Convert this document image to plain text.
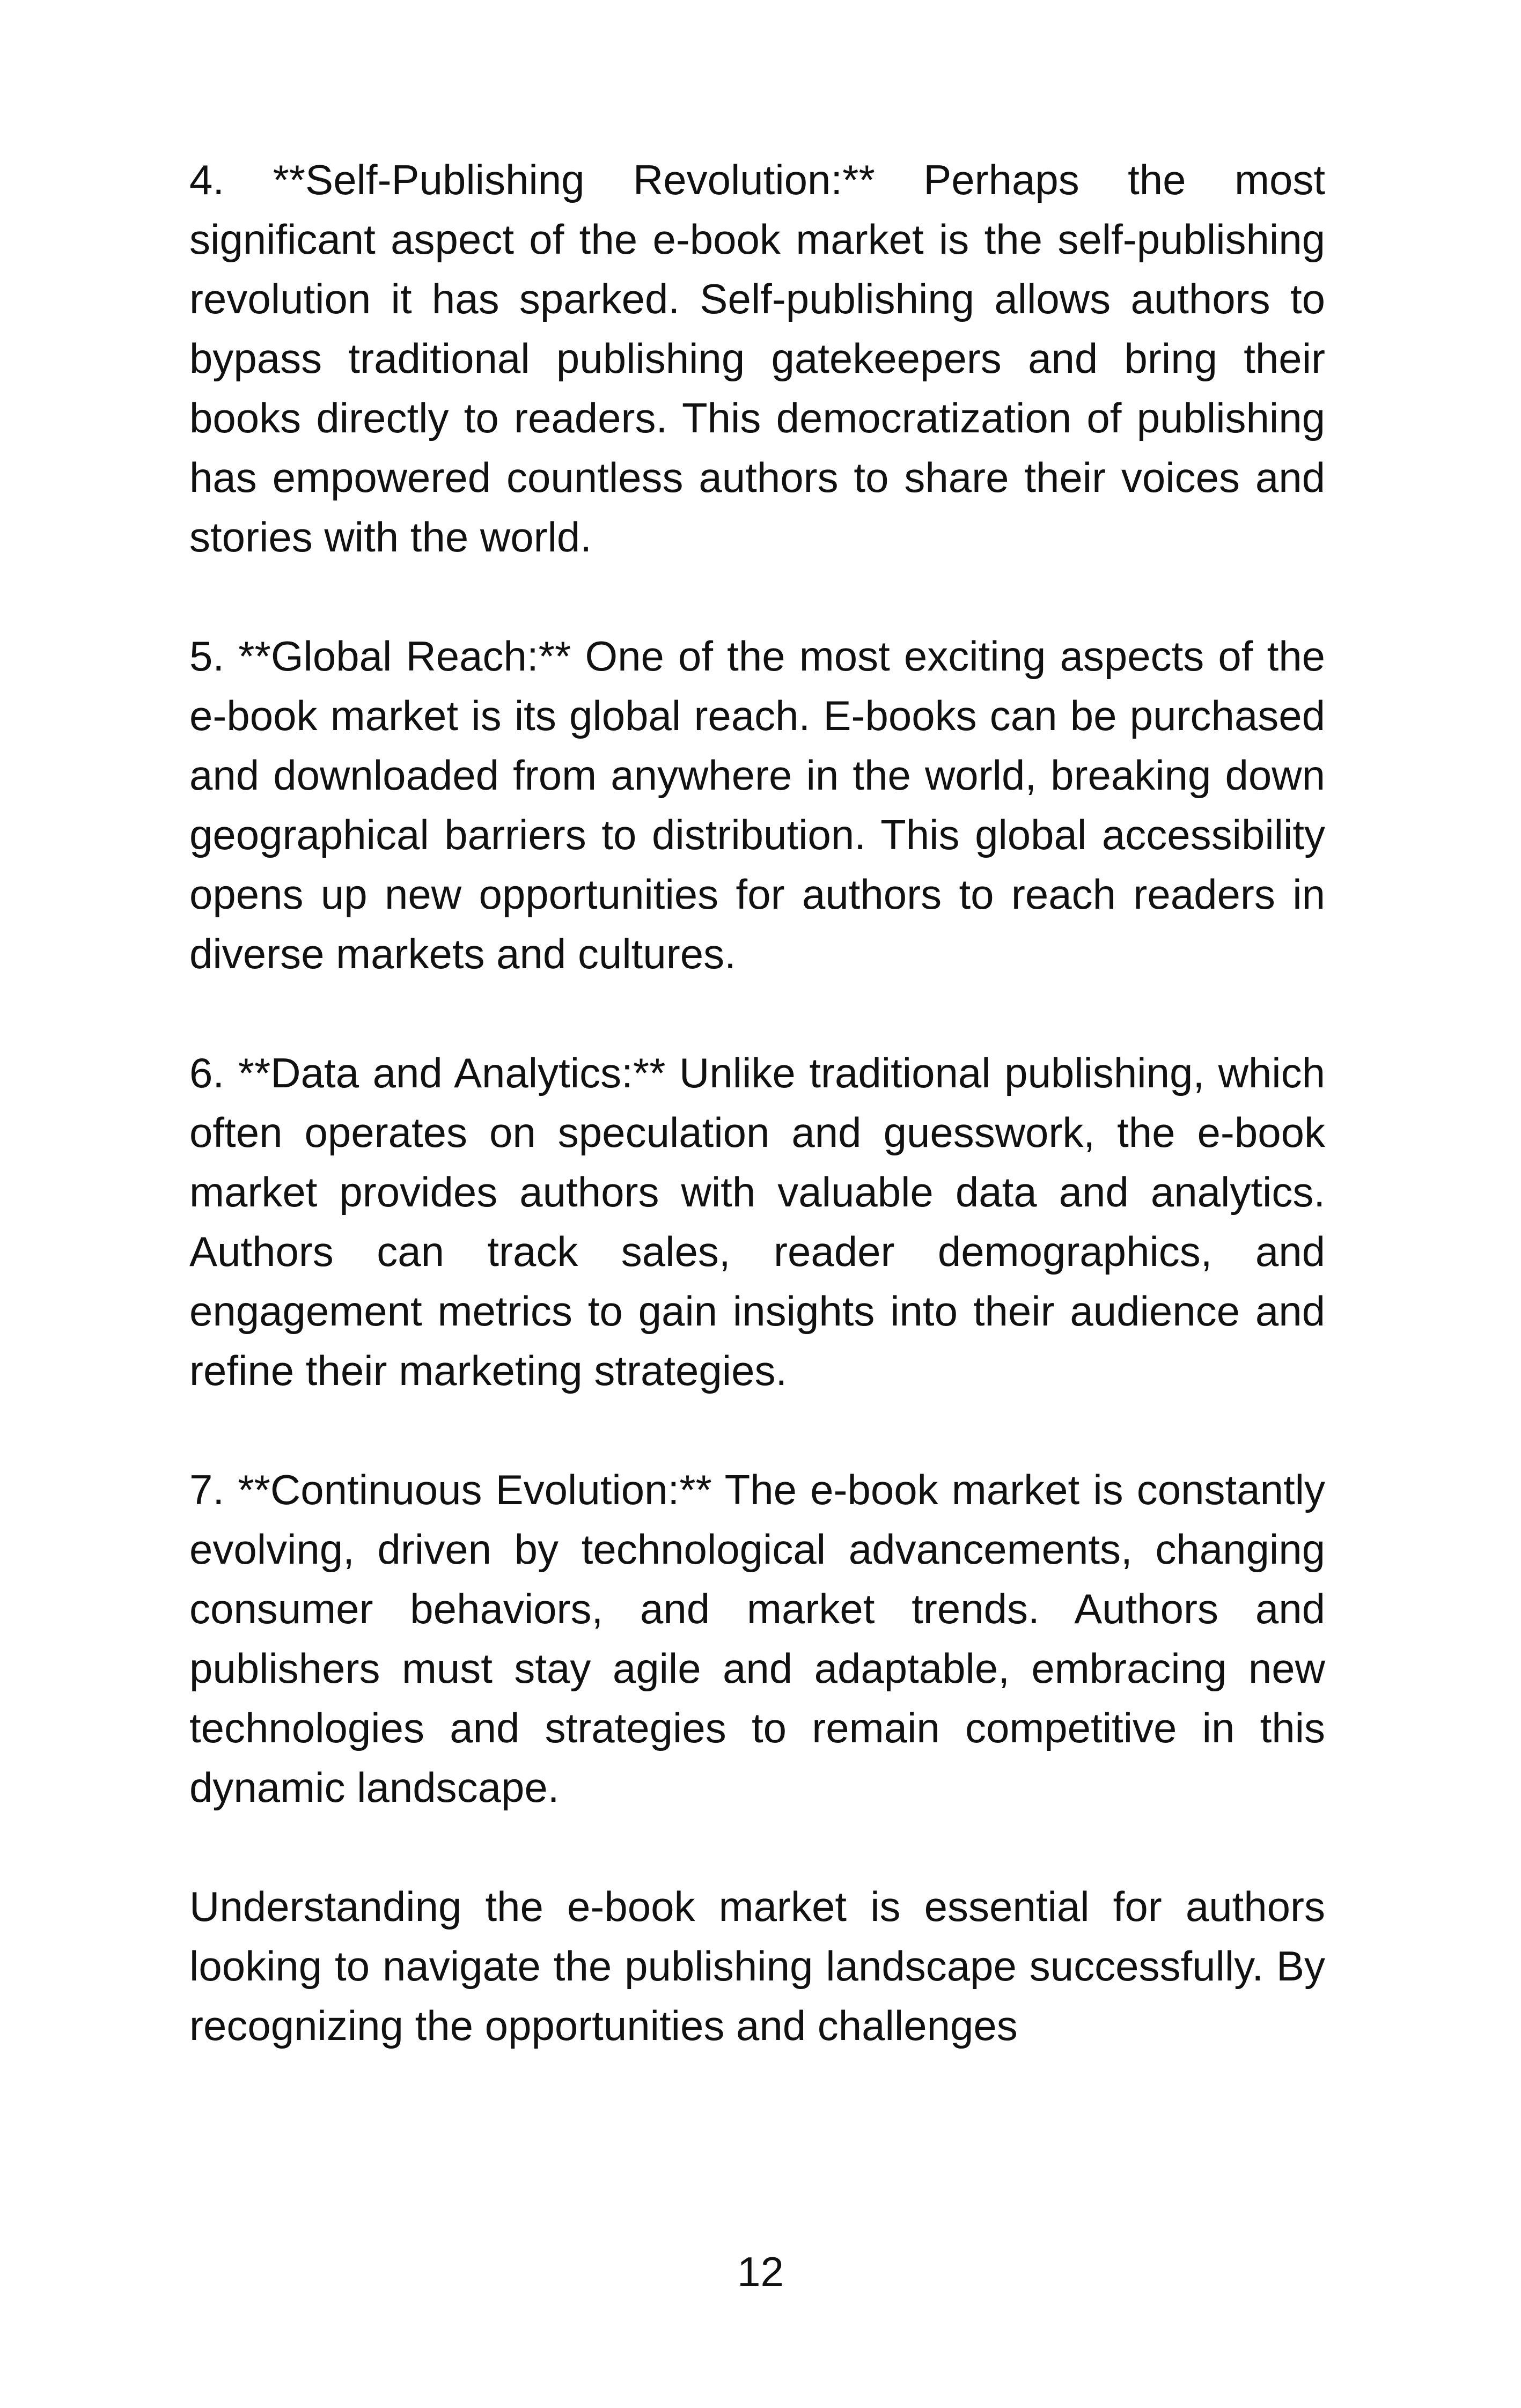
4. **Self-Publishing Revolution:** Perhaps the most significant aspect of the e-book market is the self-publishing revolution it has sparked. Self-publishing allows authors to bypass traditional publishing gatekeepers and bring their books directly to readers. This democratization of publishing has empowered countless authors to share their voices and stories with the world.

5. **Global Reach:** One of the most exciting aspects of the e-book market is its global reach. E-books can be purchased and downloaded from anywhere in the world, breaking down geographical barriers to distribution. This global accessibility opens up new opportunities for authors to reach readers in diverse markets and cultures.

6. **Data and Analytics:** Unlike traditional publishing, which often operates on speculation and guesswork, the e-book market provides authors with valuable data and analytics. Authors can track sales, reader demographics, and engagement metrics to gain insights into their audience and refine their marketing strategies.

7. **Continuous Evolution:** The e-book market is constantly evolving, driven by technological advancements, changing consumer behaviors, and market trends. Authors and publishers must stay agile and adaptable, embracing new technologies and strategies to remain competitive in this dynamic landscape.

Understanding the e-book market is essential for authors looking to navigate the publishing landscape successfully. By recognizing the opportunities and challenges

12
